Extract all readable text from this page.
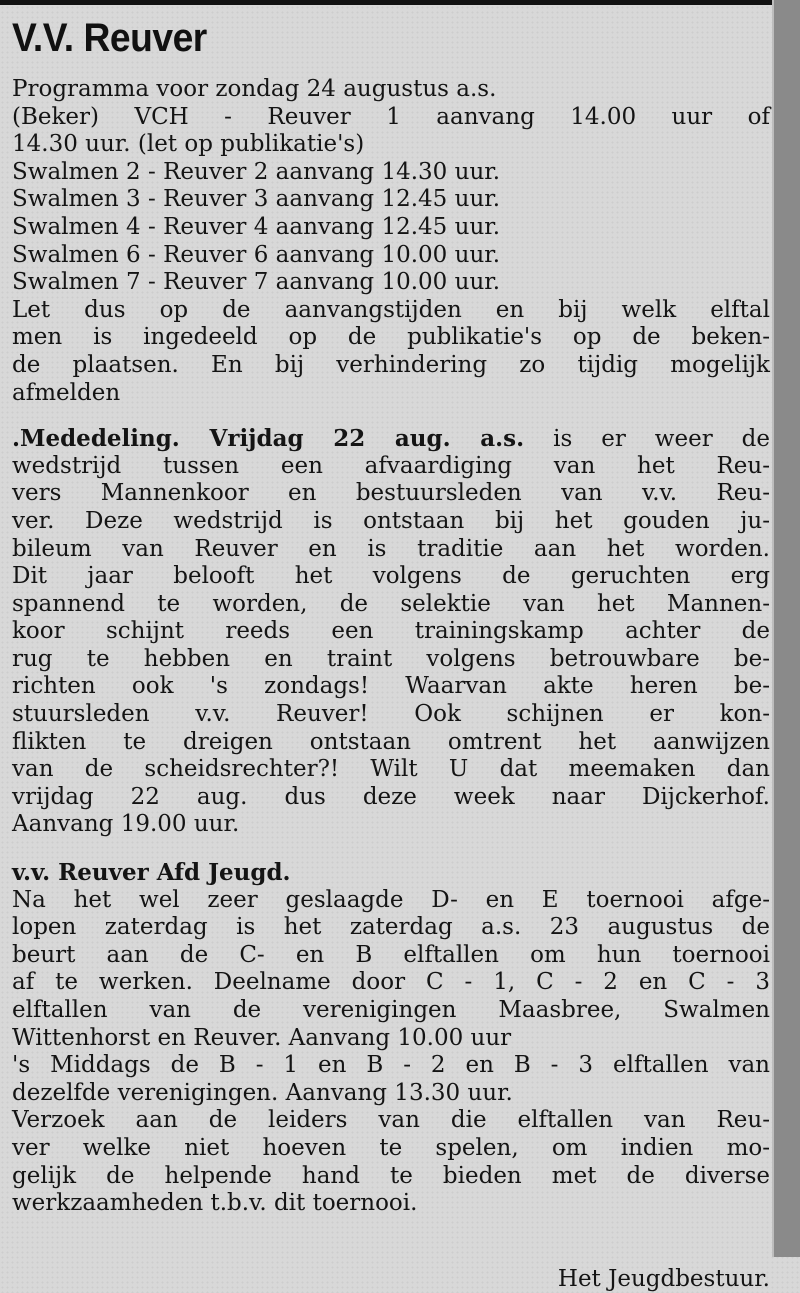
V.V. Reuver
Programma voor zondag 24 augustus a.s.
(Beker) VCH - Reuver 1 aanvang 14.00 uur of
14.30 uur. (let op publikatie's)
Swalmen 2 - Reuver 2 aanvang 14.30 uur.
Swalmen 3 - Reuver 3 aanvang 12.45 uur.
Swalmen 4 - Reuver 4 aanvang 12.45 uur.
Swalmen 6 - Reuver 6 aanvang 10.00 uur.
Swalmen 7 - Reuver 7 aanvang 10.00 uur.
Let dus op de aanvangstijden en bij welk elftal
men is ingedeeld op de publikatie's op de beken-
de plaatsen. En bij verhindering zo tijdig mogelijk
afmelden
.Mededeling. Vrijdag 22 aug. a.s. is er weer de
wedstrijd tussen een afvaardiging van het Reu-
vers Mannenkoor en bestuursleden van v.v. Reu-
ver. Deze wedstrijd is ontstaan bij het gouden ju-
bileum van Reuver en is traditie aan het worden.
Dit jaar belooft het volgens de geruchten erg
spannend te worden, de selektie van het Mannen-
koor schijnt reeds een trainingskamp achter de
rug te hebben en traint volgens betrouwbare be-
richten ook 's zondags! Waarvan akte heren be-
stuursleden v.v. Reuver! Ook schijnen er kon-
flikten te dreigen ontstaan omtrent het aanwijzen
van de scheidsrechter?! Wilt U dat meemaken dan
vrijdag 22 aug. dus deze week naar Dijckerhof.
Aanvang 19.00 uur.
v.v. Reuver Afd Jeugd.
Na het wel zeer geslaagde D- en E toernooi afge-
lopen zaterdag is het zaterdag a.s. 23 augustus de
beurt aan de C- en B elftallen om hun toernooi
af te werken. Deelname door C - 1, C - 2 en C - 3
elftallen van de verenigingen Maasbree, Swalmen
Wittenhorst en Reuver. Aanvang 10.00 uur
's Middags de B - 1 en B - 2 en B - 3 elftallen van
dezelfde verenigingen. Aanvang 13.30 uur.
Verzoek aan de leiders van die elftallen van Reu-
ver welke niet hoeven te spelen, om indien mo-
gelijk de helpende hand te bieden met de diverse
werkzaamheden t.b.v. dit toernooi.
Het Jeugdbestuur.
